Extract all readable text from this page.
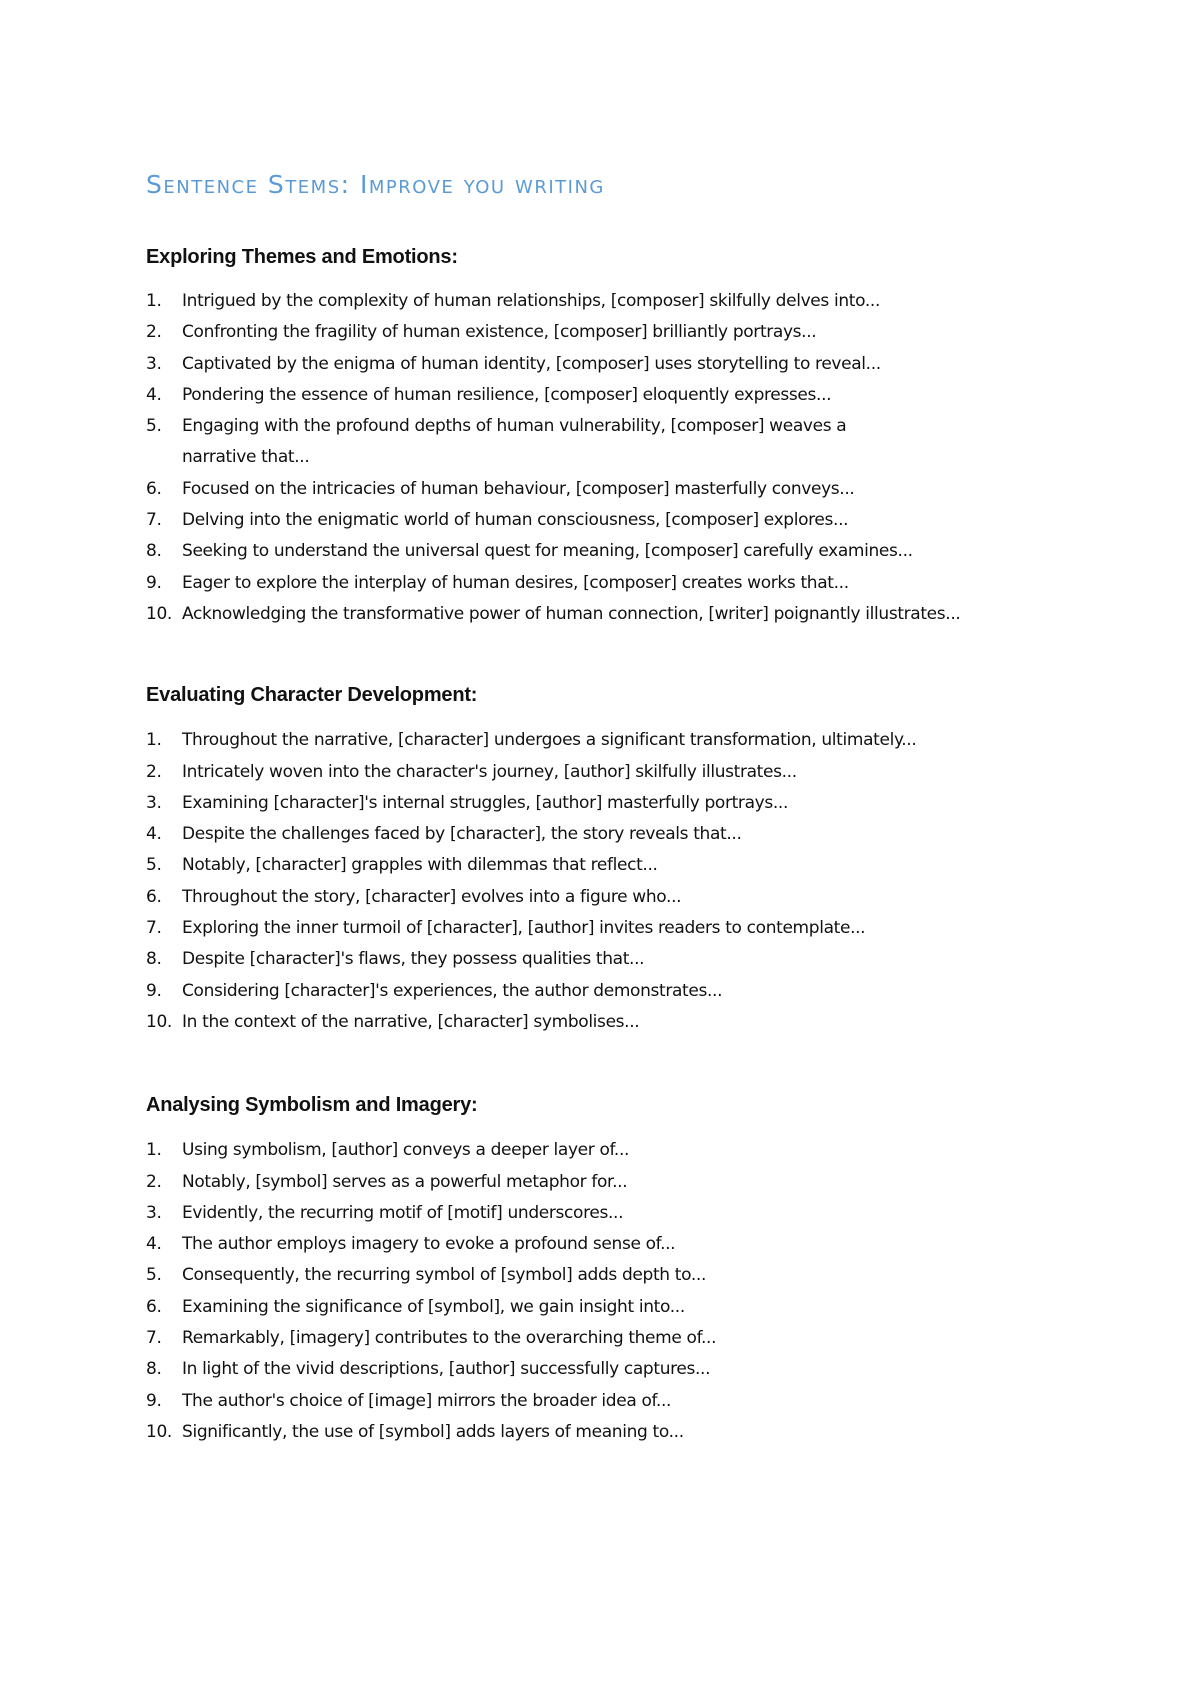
Sentence Stems: Improve you writing
Exploring Themes and Emotions:
1. Intrigued by the complexity of human relationships, [composer] skilfully delves into...
2. Confronting the fragility of human existence, [composer] brilliantly portrays...
3. Captivated by the enigma of human identity, [composer] uses storytelling to reveal...
4. Pondering the essence of human resilience, [composer] eloquently expresses...
5. Engaging with the profound depths of human vulnerability, [composer] weaves a narrative that...
6. Focused on the intricacies of human behaviour, [composer] masterfully conveys...
7. Delving into the enigmatic world of human consciousness, [composer] explores...
8. Seeking to understand the universal quest for meaning, [composer] carefully examines...
9. Eager to explore the interplay of human desires, [composer] creates works that...
10. Acknowledging the transformative power of human connection, [writer] poignantly illustrates...
Evaluating Character Development:
1. Throughout the narrative, [character] undergoes a significant transformation, ultimately...
2. Intricately woven into the character's journey, [author] skilfully illustrates...
3. Examining [character]'s internal struggles, [author] masterfully portrays...
4. Despite the challenges faced by [character], the story reveals that...
5. Notably, [character] grapples with dilemmas that reflect...
6. Throughout the story, [character] evolves into a figure who...
7. Exploring the inner turmoil of [character], [author] invites readers to contemplate...
8. Despite [character]'s flaws, they possess qualities that...
9. Considering [character]'s experiences, the author demonstrates...
10. In the context of the narrative, [character] symbolises...
Analysing Symbolism and Imagery:
1. Using symbolism, [author] conveys a deeper layer of...
2. Notably, [symbol] serves as a powerful metaphor for...
3. Evidently, the recurring motif of [motif] underscores...
4. The author employs imagery to evoke a profound sense of...
5. Consequently, the recurring symbol of [symbol] adds depth to...
6. Examining the significance of [symbol], we gain insight into...
7. Remarkably, [imagery] contributes to the overarching theme of...
8. In light of the vivid descriptions, [author] successfully captures...
9. The author's choice of [image] mirrors the broader idea of...
10. Significantly, the use of [symbol] adds layers of meaning to...
